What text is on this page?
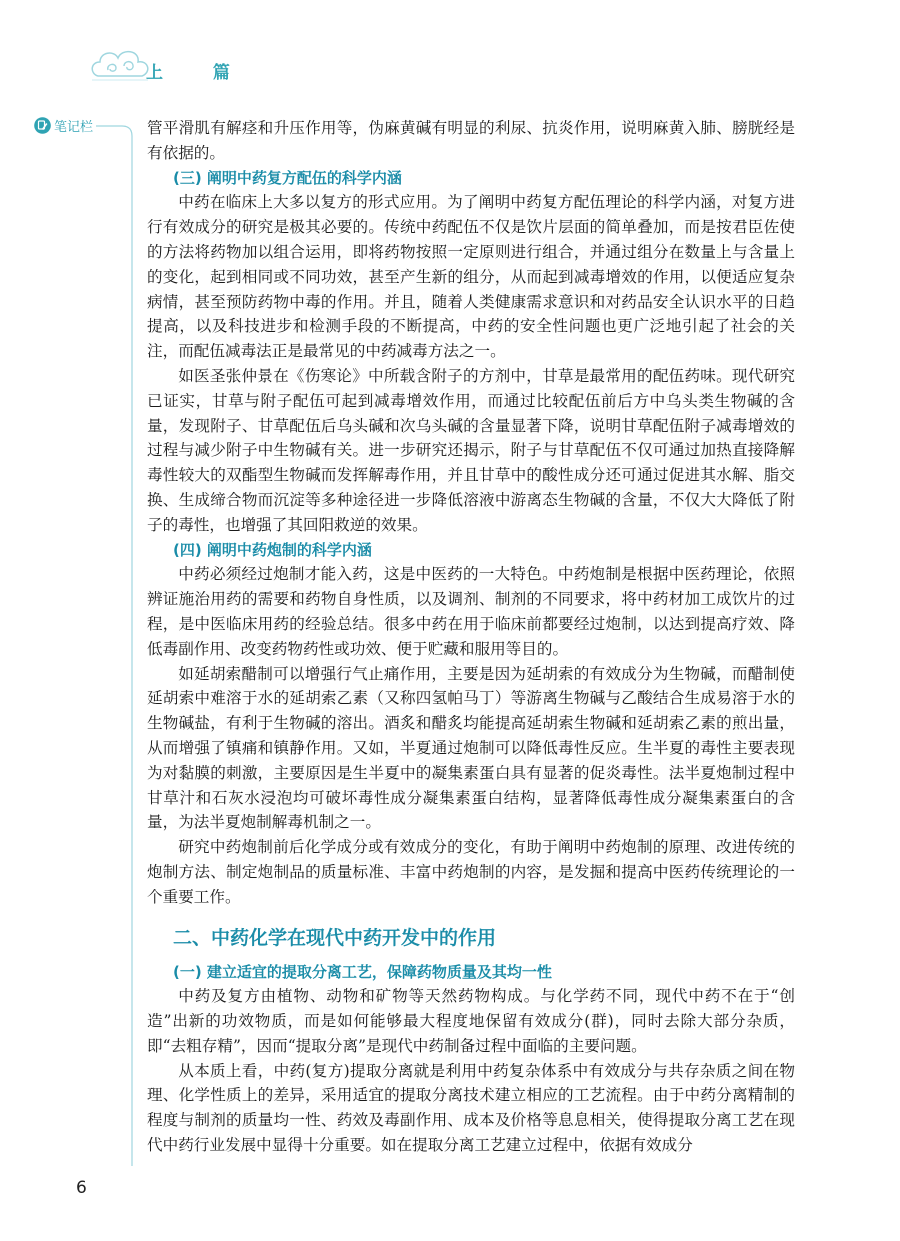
上 篇
笔记栏	管平滑肌有解痉和升压作用等，伪麻黄碱有明显的利尿、抗炎作用，说明麻黄入肺、膀胱经是有依据的。

(三) 阐明中药复方配伍的科学内涵

中药在临床上大多以复方的形式应用。为了阐明中药复方配伍理论的科学内涵，对复方进行有效成分的研究是极其必要的。传统中药配伍不仅是饮片层面的简单叠加，而是按君臣佐使的方法将药物加以组合运用，即将药物按照一定原则进行组合，并通过组分在数量上与含量上的变化，起到相同或不同功效，甚至产生新的组分，从而起到减毒增效的作用，以便适应复杂病情，甚至预防药物中毒的作用。并且，随着人类健康需求意识和对药品安全认识水平的日趋提高，以及科技进步和检测手段的不断提高，中药的安全性问题也更广泛地引起了社会的关注，而配伍减毒法正是最常见的中药减毒方法之一。

如医圣张仲景在《伤寒论》中所载含附子的方剂中，甘草是最常用的配伍药味。现代研究已证实，甘草与附子配伍可起到减毒增效作用，而通过比较配伍前后方中乌头类生物碱的含量，发现附子、甘草配伍后乌头碱和次乌头碱的含量显著下降，说明甘草配伍附子减毒增效的过程与减少附子中生物碱有关。进一步研究还揭示，附子与甘草配伍不仅可通过加热直接降解毒性较大的双酯型生物碱而发挥解毒作用，并且甘草中的酸性成分还可通过促进其水解、脂交换、生成缔合物而沉淀等多种途径进一步降低溶液中游离态生物碱的含量，不仅大大降低了附子的毒性，也增强了其回阳救逆的效果。

(四) 阐明中药炮制的科学内涵

中药必须经过炮制才能入药，这是中医药的一大特色。中药炮制是根据中医药理论，依照辨证施治用药的需要和药物自身性质，以及调剂、制剂的不同要求，将中药材加工成饮片的过程，是中医临床用药的经验总结。很多中药在用于临床前都要经过炮制，以达到提高疗效、降低毒副作用、改变药物药性或功效、便于贮藏和服用等目的。

如延胡索醋制可以增强行气止痛作用，主要是因为延胡索的有效成分为生物碱，而醋制使延胡索中难溶于水的延胡索乙素（又称四氢帕马丁）等游离生物碱与乙酸结合生成易溶于水的生物碱盐，有利于生物碱的溶出。酒炙和醋炙均能提高延胡索生物碱和延胡索乙素的煎出量，从而增强了镇痛和镇静作用。又如，半夏通过炮制可以降低毒性反应。生半夏的毒性主要表现为对黏膜的刺激，主要原因是生半夏中的凝集素蛋白具有显著的促炎毒性。法半夏炮制过程中甘草汁和石灰水浸泡均可破坏毒性成分凝集素蛋白结构，显著降低毒性成分凝集素蛋白的含量，为法半夏炮制解毒机制之一。

研究中药炮制前后化学成分或有效成分的变化，有助于阐明中药炮制的原理、改进传统的炮制方法、制定炮制品的质量标准、丰富中药炮制的内容，是发掘和提高中医药传统理论的一个重要工作。

二、中药化学在现代中药开发中的作用
(一) 建立适宜的提取分离工艺，保障药物质量及其均一性

中药及复方由植物、动物和矿物等天然药物构成。与化学药不同，现代中药不在于“创造”出新的功效物质，而是如何能够最大程度地保留有效成分(群)，同时去除大部分杂质，即“去粗存精”，因而“提取分离”是现代中药制备过程中面临的主要问题。

从本质上看，中药(复方)提取分离就是利用中药复杂体系中有效成分与共存杂质之间在物理、化学性质上的差异，采用适宜的提取分离技术建立相应的工艺流程。由于中药分离精制的程度与制剂的质量均一性、药效及毒副作用、成本及价格等息息相关，使得提取分离工艺在现代中药行业发展中显得十分重要。如在提取分离工艺建立过程中，依据有效成分

6
